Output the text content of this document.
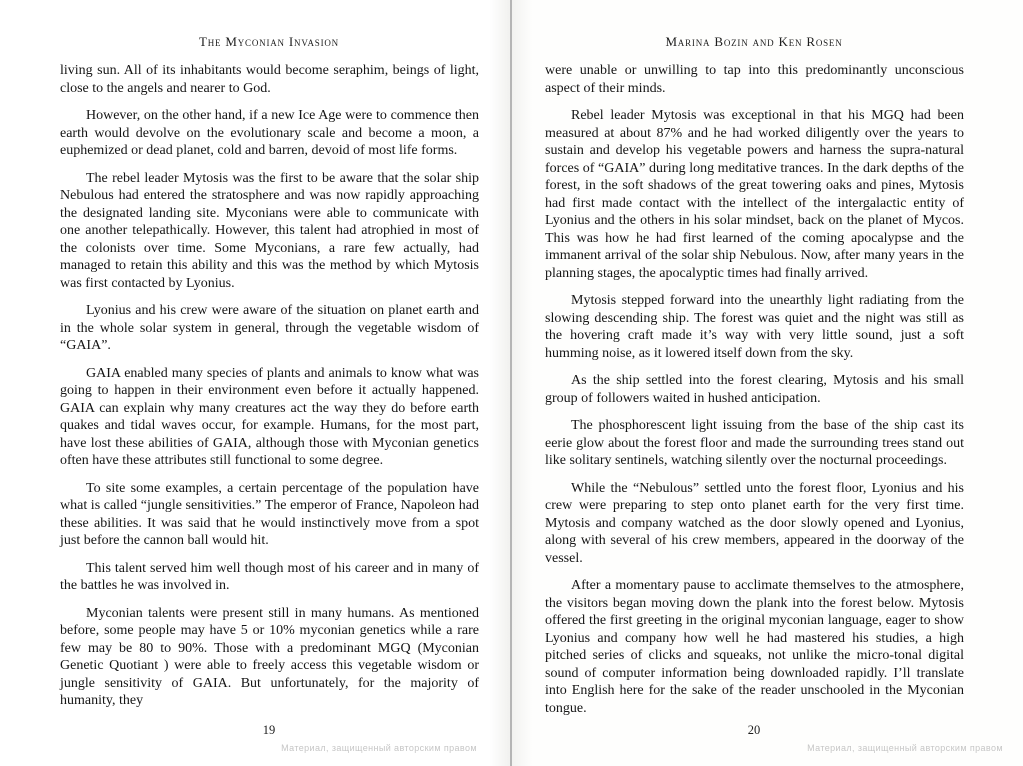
The Myconian Invasion

living sun. All of its inhabitants would become seraphim, beings of light, close to the angels and nearer to God.

However, on the other hand, if a new Ice Age were to commence then earth would devolve on the evolutionary scale and become a moon, a euphemized or dead planet, cold and barren, devoid of most life forms.

The rebel leader Mytosis was the first to be aware that the solar ship Nebulous had entered the stratosphere and was now rapidly approaching the designated landing site. Myconians were able to communicate with one another telepathically. However, this talent had atrophied in most of the colonists over time. Some Myconians, a rare few actually, had managed to retain this ability and this was the method by which Mytosis was first contacted by Lyonius.

Lyonius and his crew were aware of the situation on planet earth and in the whole solar system in general, through the vegetable wisdom of “GAIA”.

GAIA enabled many species of plants and animals to know what was going to happen in their environment even before it actually happened. GAIA can explain why many creatures act the way they do before earth quakes and tidal waves occur, for example. Humans, for the most part, have lost these abilities of GAIA, although those with Myconian genetics often have these attributes still functional to some degree.

To site some examples, a certain percentage of the population have what is called “jungle sensitivities.” The emperor of France, Napoleon had these abilities. It was said that he would instinctively move from a spot just before the cannon ball would hit.

This talent served him well though most of his career and in many of the battles he was involved in.

Myconian talents were present still in many humans. As mentioned before, some people may have 5 or 10% myconian genetics while a rare few may be 80 to 90%. Those with a predominant MGQ (Myconian Genetic Quotiant ) were able to freely access this vegetable wisdom or jungle sensitivity of GAIA. But unfortunately, for the majority of humanity, they

19
Материал, защищенный авторским правом
Marina Bozin and Ken Rosen

were unable or unwilling to tap into this predominantly unconscious aspect of their minds.

Rebel leader Mytosis was exceptional in that his MGQ had been measured at about 87% and he had worked diligently over the years to sustain and develop his vegetable powers and harness the supra-natural forces of “GAIA” during long meditative trances. In the dark depths of the forest, in the soft shadows of the great towering oaks and pines, Mytosis had first made contact with the intellect of the intergalactic entity of Lyonius and the others in his solar mindset, back on the planet of Mycos. This was how he had first learned of the coming apocalypse and the immanent arrival of the solar ship Nebulous. Now, after many years in the planning stages, the apocalyptic times had finally arrived.

Mytosis stepped forward into the unearthly light radiating from the slowing descending ship. The forest was quiet and the night was still as the hovering craft made it’s way with very little sound, just a soft humming noise, as it lowered itself down from the sky.

As the ship settled into the forest clearing, Mytosis and his small group of followers waited in hushed anticipation.

The phosphorescent light issuing from the base of the ship cast its eerie glow about the forest floor and made the surrounding trees stand out like solitary sentinels, watching silently over the nocturnal proceedings.

While the “Nebulous” settled unto the forest floor, Lyonius and his crew were preparing to step onto planet earth for the very first time. Mytosis and company watched as the door slowly opened and Lyonius, along with several of his crew members, appeared in the doorway of the vessel.

After a momentary pause to acclimate themselves to the atmosphere, the visitors began moving down the plank into the forest below. Mytosis offered the first greeting in the original myconian language, eager to show Lyonius and company how well he had mastered his studies, a high pitched series of clicks and squeaks, not unlike the micro-tonal digital sound of computer information being downloaded rapidly. I’ll translate into English here for the sake of the reader unschooled in the Myconian tongue.

20
Материал, защищенный авторским правом
